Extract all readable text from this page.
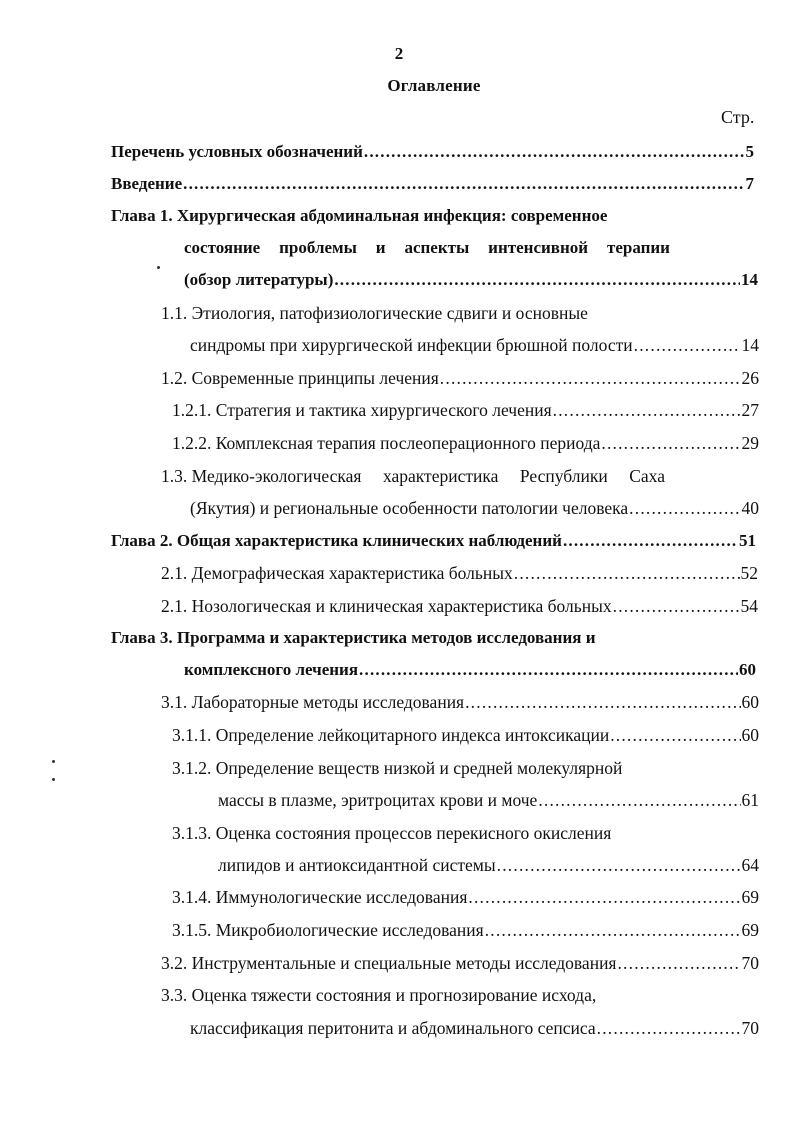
2
Оглавление
Стр.
Перечень условных обозначений .....	5
Введение .....	7
Глава 1. Хирургическая абдоминальная инфекция: современное
состояние проблемы и аспекты интенсивной терапии
(обзор литературы) .....	14
1.1. Этиология, патофизиологические сдвиги и основные
синдромы при хирургической инфекции брюшной полости .....	14
1.2. Современные принципы лечения .....	26
1.2.1. Стратегия и тактика хирургического лечения .....	27
1.2.2. Комплексная терапия послеоперационного периода .....	29
1.3. Медико-экологическая характеристика Республики Саха
(Якутия) и региональные особенности патологии человека .....	40
Глава 2. Общая характеристика клинических наблюдений .....	51
2.1. Демографическая характеристика больных .....	52
2.1. Нозологическая и клиническая характеристика больных .....	54
Глава 3. Программа и характеристика методов исследования и
комплексного лечения .....	60
3.1. Лабораторные методы исследования .....	60
3.1.1. Определение лейкоцитарного индекса интоксикации .....	60
3.1.2. Определение веществ низкой и средней молекулярной
массы в плазме, эритроцитах крови и моче .....	61
3.1.3. Оценка состояния процессов перекисного окисления
липидов и антиоксидантной системы .....	64
3.1.4. Иммунологические исследования .....	69
3.1.5. Микробиологические исследования .....	69
3.2. Инструментальные и специальные методы исследования .....	70
3.3. Оценка тяжести состояния и прогнозирование исхода,
классификация перитонита и абдоминального сепсиса .....	70
